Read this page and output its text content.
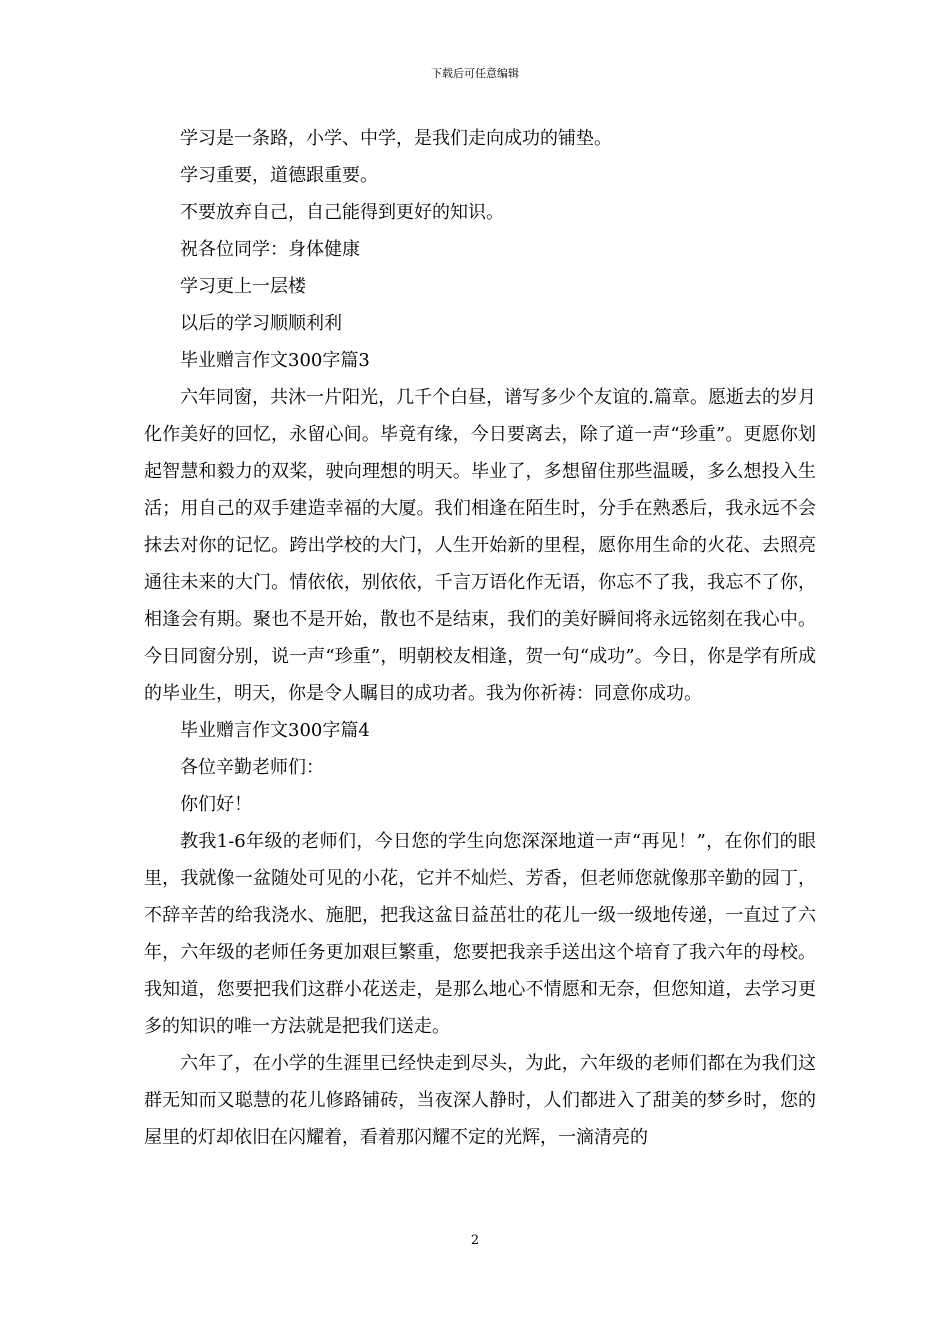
下载后可任意编辑
学习是一条路，小学、中学，是我们走向成功的铺垫。
学习重要，道德跟重要。
不要放弃自己，自己能得到更好的知识。
祝各位同学：身体健康
学习更上一层楼
以后的学习顺顺利利
毕业赠言作文300字篇3
六年同窗，共沐一片阳光，几千个白昼，谱写多少个友谊的.篇章。愿逝去的岁月化作美好的回忆，永留心间。毕竟有缘，今日要离去，除了道一声“珍重”。更愿你划起智慧和毅力的双桨，驶向理想的明天。毕业了，多想留住那些温暖，多么想投入生活；用自己的双手建造幸福的大厦。我们相逢在陌生时，分手在熟悉后，我永远不会抹去对你的记忆。跨出学校的大门，人生开始新的里程，愿你用生命的火花、去照亮通往未来的大门。情依依，别依依，千言万语化作无语，你忘不了我，我忘不了你，相逢会有期。聚也不是开始，散也不是结束，我们的美好瞬间将永远铭刻在我心中。今日同窗分别，说一声“珍重”，明朝校友相逢，贺一句“成功”。今日，你是学有所成的毕业生，明天，你是令人瞩目的成功者。我为你祈祷：同意你成功。
毕业赠言作文300字篇4
各位辛勤老师们：
你们好！
教我1-6年级的老师们，今日您的学生向您深深地道一声“再见！”，在你们的眼里，我就像一盆随处可见的小花，它并不灿烂、芳香，但老师您就像那辛勤的园丁，不辞辛苦的给我浇水、施肥，把我这盆日益茁壮的花儿一级一级地传递，一直过了六年，六年级的老师任务更加艰巨繁重，您要把我亲手送出这个培育了我六年的母校。我知道，您要把我们这群小花送走，是那么地心不情愿和无奈，但您知道，去学习更多的知识的唯一方法就是把我们送走。
六年了，在小学的生涯里已经快走到尽头，为此，六年级的老师们都在为我们这群无知而又聪慧的花儿修路铺砖，当夜深人静时，人们都进入了甜美的梦乡时，您的屋里的灯却依旧在闪耀着，看着那闪耀不定的光辉，一滴清亮的
2
